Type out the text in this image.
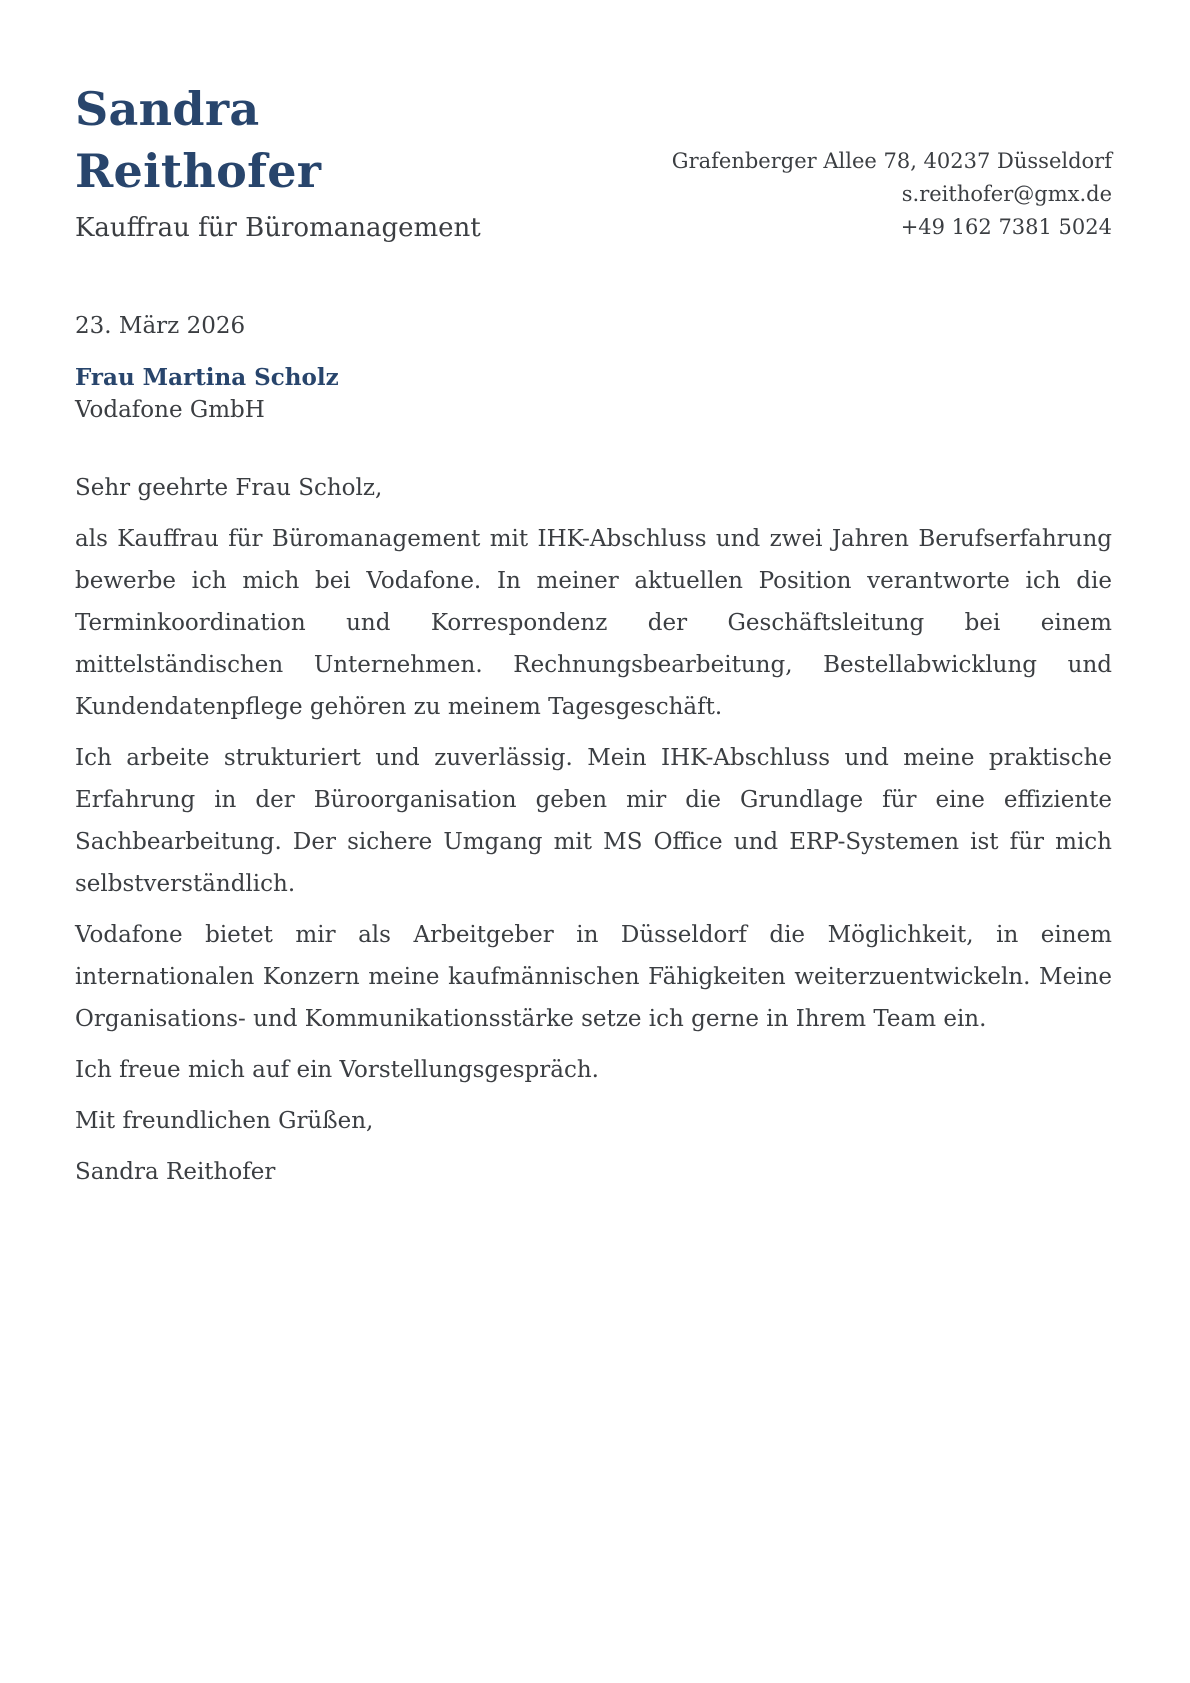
Sandra
Reithofer
Kauffrau für Büromanagement
Grafenberger Allee 78, 40237 Düsseldorf
s.reithofer@gmx.de
+49 162 7381 5024
23. März 2026
Frau Martina Scholz
Vodafone GmbH

Sehr geehrte Frau Scholz,

als Kauffrau für Büromanagement mit IHK-Abschluss und zwei Jahren Berufserfahrung bewerbe ich mich bei Vodafone. In meiner aktuellen Position verantworte ich die Terminkoordination und Korrespondenz der Geschäftsleitung bei einem mittelständischen Unternehmen. Rechnungsbearbeitung, Bestellabwicklung und Kundendatenpflege gehören zu meinem Tagesgeschäft.

Ich arbeite strukturiert und zuverlässig. Mein IHK-Abschluss und meine praktische Erfahrung in der Büroorganisation geben mir die Grundlage für eine effiziente Sachbearbeitung. Der sichere Umgang mit MS Office und ERP-Systemen ist für mich selbstverständlich.

Vodafone bietet mir als Arbeitgeber in Düsseldorf die Möglichkeit, in einem internationalen Konzern meine kaufmännischen Fähigkeiten weiterzuentwickeln. Meine Organisations- und Kommunikationsstärke setze ich gerne in Ihrem Team ein.

Ich freue mich auf ein Vorstellungsgespräch.

Mit freundlichen Grüßen,

Sandra Reithofer
